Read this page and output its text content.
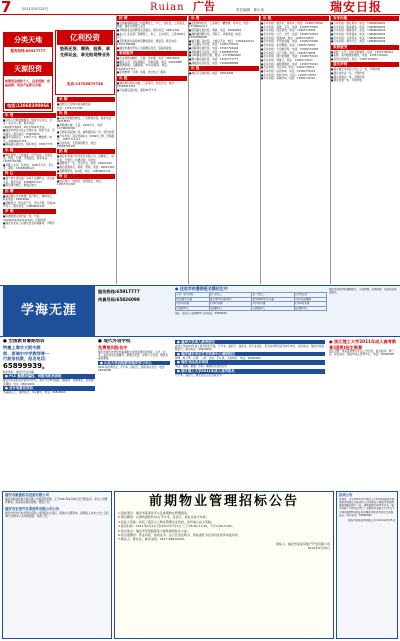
7	2011年6月25日	Ruian 广告	责任编辑：林小美	瑞安日报
分类天地
服务热线:65917777
天源投资
如期资金周转个人、企业贷款、房屋抵押，凭房产证即可办理
电话:13868300866
亿利投资
垫资还贷、增资、验资、承兑保证金、承兑贴现等业务
电话:13705879736
出 售

■百年人分期金融服务，附近小区住宅，空房，适合办公用，联系电话：13605773697，0577-65817715

■瑞安市城区内业主急售住房，配套齐全，价格面议，联系电话：65826979

■瑞丰花园住宅，128平方米，精装修，电话：13906627755

■潮基路店面出售，联系电话：65817778

出 租

■城区别墅，工程楼座，近汽车站，有电话线，网线，空调，月租面议，联系电话：13587742268

■莘塍工业区厂房出租，1000平方米，有行车，联系：13958899123

转 让

■建于城大街店面厂房将于近期转让，适合做生意，联系电话：15888677123

■顾氏超市转让，鞋服店转让

招 聘

■瑞安顺达汽车修理厂招汽修工，维修电工，联系电话：65826666

■招聘保安、保洁若干名，男女不限，年龄50岁以下，联系电话：13868601234

声 明

■陈建国遗失身份证一张，号码：330381197612121234，声明作废

■瑞安市某某公司遗失营业执照副本，声明作废

求 购

■求购天元宏城水泥各种旧货

电话：13567712345

出 售

■丹美宏厦服饰批发，厂房整体出售，联系电话：65918812

■莘塍商住楼，五层，1600平方，电话：13706630000

■天源家具有限公司，湖岭镇家具一件，低价处理

■汽车出售：别克君越2.4，2009年上牌，价格面议，13957711111

■店面出租，安阳新街附近，电话：15868765432

招 聘

■瑞安市某某汽车零部件有限公司，招聘普工、质检员、仓管员，待遇优厚，包吃住

■招聘会计一名，有会计证，电话：65821234

■酒店招服务员，厨师、帮厨，电话：65812345

■招聘驾驶员，持A照，电话：13868901234

转 让

■饭店转让，地段好，客源稳定，电话：13957712345

招 聘

■全德威制刷有限公司招聘普工、木工，包吃住，工资面议，地址：瑞安市莘塍工业区

■莘塍商业区招聘营业员数名，联系电话：65812356

■东山工业区某厂招聘普工、电工、叉车司机，工资3000元以上

■安阳街道华润超市招聘收银员、理货员，联系电话：13957788888

■瑞安市鑫达贸易公司招聘业务员，底薪加提成

家政服务

■专业清洗油烟机、空调、热水器，电话：65810000

■搬家公司：长短途搬运，价格实惠，电话：65818888

■管道疏通、马桶疏通，24小时服务，电话：13905777777

■家电维修：空调、冰箱、洗衣机上门服务

出 租

■瑞安城区套房出租，三室两厅，家电齐全，电话：13958812345

■万松路店面出租，面积80平方米

出 售

■安阳新城住宅，三室两厅，精装修，有车位，电话：13706601111

■安阳路店面出售，两间，电话：65829999

■湖岭镇别墅出售，带院子，环境优美，电话：13958866666

■塘下镇厂房出售，土地证齐全，电话：13506642222

■飞云镇住宅出售，电话：13867733333

■仙降商住楼出售，电话：15967744444

■莘塍镇住宅出售，电话：13858855555

■马屿镇农民房出售，电话：13738866666

■陶山镇店面出售，电话：13587777777

■高楼乡住房出售，电话：13606688888

出 租

■城区写字楼出租，电话：65819999

出 租

■专车出租：婚庆车、商务车，电话：13905770001

■专车出租：奔驰、宝马，电话：13905770002

■专车出租：别克商务，电话：13905770003

■专车出租：大巴、中巴，电话：13905770004

■专车出租：奥迪A6，电话：13905770005

■专车出租：丰田凯美瑞，电话：13905770006

■专车出租：本田雅阁，电话：13905770007

■专车出租：大众帕萨特，电话：13905770008

■专车出租：日产天籁，电话：13905770009

■专车出租：现代索纳塔，电话：13905770010

■专车出租：雪佛兰，电话：13905770011

■专车出租：福特蒙迪欧，电话：13905770012

■专车出租：马自达6，电话：13905770013

■专车出租：标致508，电话：13905770014

■专车出租：雪铁龙C5，电话：13905770015

■专车出租：荣威750，电话：13905770016

专车出租

■专车出租：婚礼用车，电话：13868000001

■专车出租：商务接待，电话：13868000002

■专车出租：旅游包车，电话：13868000003

■专车出租：机场接送，电话：13868000004

■专车出租：长途包车，电话：13868000005

■专车出租：豪华大巴，电话：13868000006

家教服务

■家教：小学、初中各科辅导，电话：13957700001

■家教：高中数理化辅导，电话：13957700002

■英语口语培训，电话：13957700003

遗失声明

■遗失瑞安市某某公司公章一枚，声明作废

■遗失身份证一张，声明作废

■遗失驾驶证一本，声明作废

■遗失发票一本，声明作废

学海无涯
服务热线:65917777
传真号码:65826098
● 佳思学校暑期班名额招生中
小学一至六年级	初一至初三	高一至高三	艺术特长班
语文/数学/英语	语文/数学/英语/科学	数学/物理/化学/英语	美术/书法/舞蹈
7月5日开课	7月5日开课	7月5日开课	7月10日开课
每班限15人	每班限15人	每班限12人	每班限20人
地址：瑞安市万松路88号 咨询电话：65890000
瑞安市某某学校暑期招生，小班授课，名师执教，欢迎来电咨询报名。
● 宏图教育暑期培训
特邀上海交大附中教
师、原瑞中中学教师等一
行前来执教，报名电话：
65899939。
联系地址：瑞安市万松东路
● PLC 触摸屏编程、伺服电机培训班
瑞安市某某职业技能培训学校，常年开设PLC编程、触摸屏、伺服电机、变频器等课程，电话：65810000
● 会计电算化培训
零基础入门，包教包会，考证辅导，电话：65820000
● 现代外语学校
免费培训报名中
瑞安市现代外语学校暑期推出英语免费试听课程，小学、初中、高中英语全面辅导，新概念英语，剑桥少儿英语，雅思托福等课程。
● 山东大学远程教育瑞安学习中心
2011年秋季招生，专升本、高起专，国家承认学历，电话：65830000
● 温州大学成人教育招生
温州大学2011年成人高考报名开始，专升本、高起专、高起本，各专业招生，报名时间即日起至8月30日，报名地点：瑞安市某某路某号，联系电话：65840000
● 瑞安城市音乐艺术培训中心暑期招生
钢琴、电子琴、古筝、二胡、吉他、声乐等，小班教学，电话：65850000
● 瑞安书法美术培训
书法、国画、素描、水彩，暑期班火热报名中
● 浙江理工大学2011年成人高考报名
专升本、高起专，瑞安报名点火热报名中
● 浙江理工大学2011年成人高考教育(函授)招生简章
招生对象：具有高中或中专以上学历者，报名时间：即日起，报名地点：瑞安市成人教育中心，电话：65860000
瑞安市新盛机电设备有限公司

瑞安市新盛机电设备有限公司因经营需要，定于2011年6月26日召开股东会，审议公司增资事项，请各股东准时参加。特此公告。

瑞安市宏伟汽车零部件有限公司公告

瑞安市宏伟汽车零部件有限公司经股东会决议，拟减少注册资本，请债权人自本公告之日起45日内向本公司申报债权。特此公告。

前期物业管理招标公告

1.招标项目：瑞安市某某住宅小区前期物业管理服务。

2.项目概况：总建筑面积约12万平方米，含住宅、商业及地下车库。

3.投标人资格：具有三级及以上物业管理企业资质，具有独立法人资格。

4.报名时间：2011年6月27日至2011年7月1日（上午8:30-11:30，下午2:00-5:00）。

5.报名地点：瑞安市安阳路某某大厦某楼招标办公室。

6.报名须携带：营业执照、资质证书、法人代表证明书、授权委托书及身份证原件和复印件。

7.联系人：陈先生，联系电话：0577-65870000。

招标人：瑞安市某某房地产开发有限公司

2011年6月25日

拍卖公告

受委托，定于2011年7月8日上午10时在瑞安市某某拍卖有限公司拍卖厅公开拍卖位于瑞安市安阳街道某某路的房产一处，建筑面积约120平方米。展示时间：7月5日至7日，有意竞买者请于7月7日下午5时前携带有效证件办理竞买登记手续并交纳保证金。联系电话：65880000

瑞安市某某拍卖有限公司 2011年6月25日
